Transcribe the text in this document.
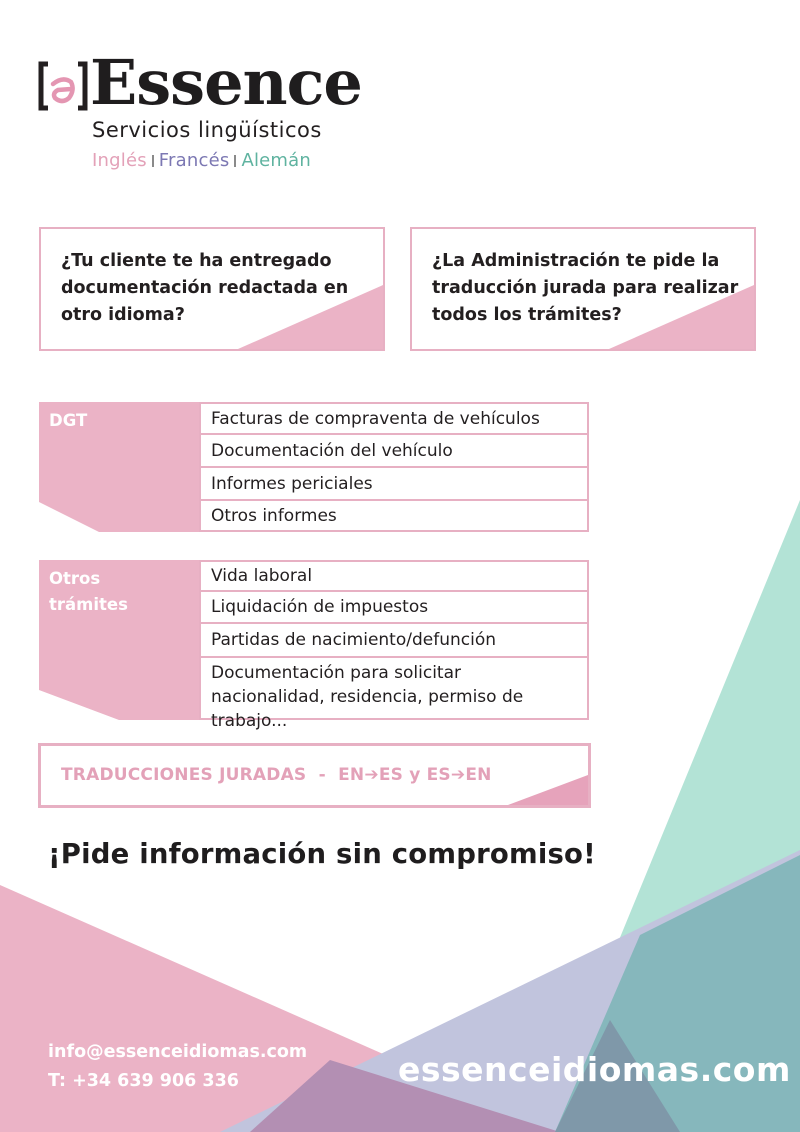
Essence
Servicios lingüísticos
Inglés Francés Alemán
¿Tu cliente te ha entregado documentación redactada en otro idioma?
¿La Administración te pide la traducción jurada para realizar todos los trámites?
DGT	Facturas de compraventa de vehículos
Documentación del vehículo
Informes periciales
Otros informes
Otros trámites
Vida laboral
Liquidación de impuestos
Partidas de nacimiento/defunción
Documentación para solicitar nacionalidad, residencia, permiso de trabajo...
TRADUCCIONES JURADAS  -  EN➔ES y ES➔EN
¡Pide información sin compromiso!
info@essenceidiomas.com
T: +34 639 906 336	essenceidiomas.com
